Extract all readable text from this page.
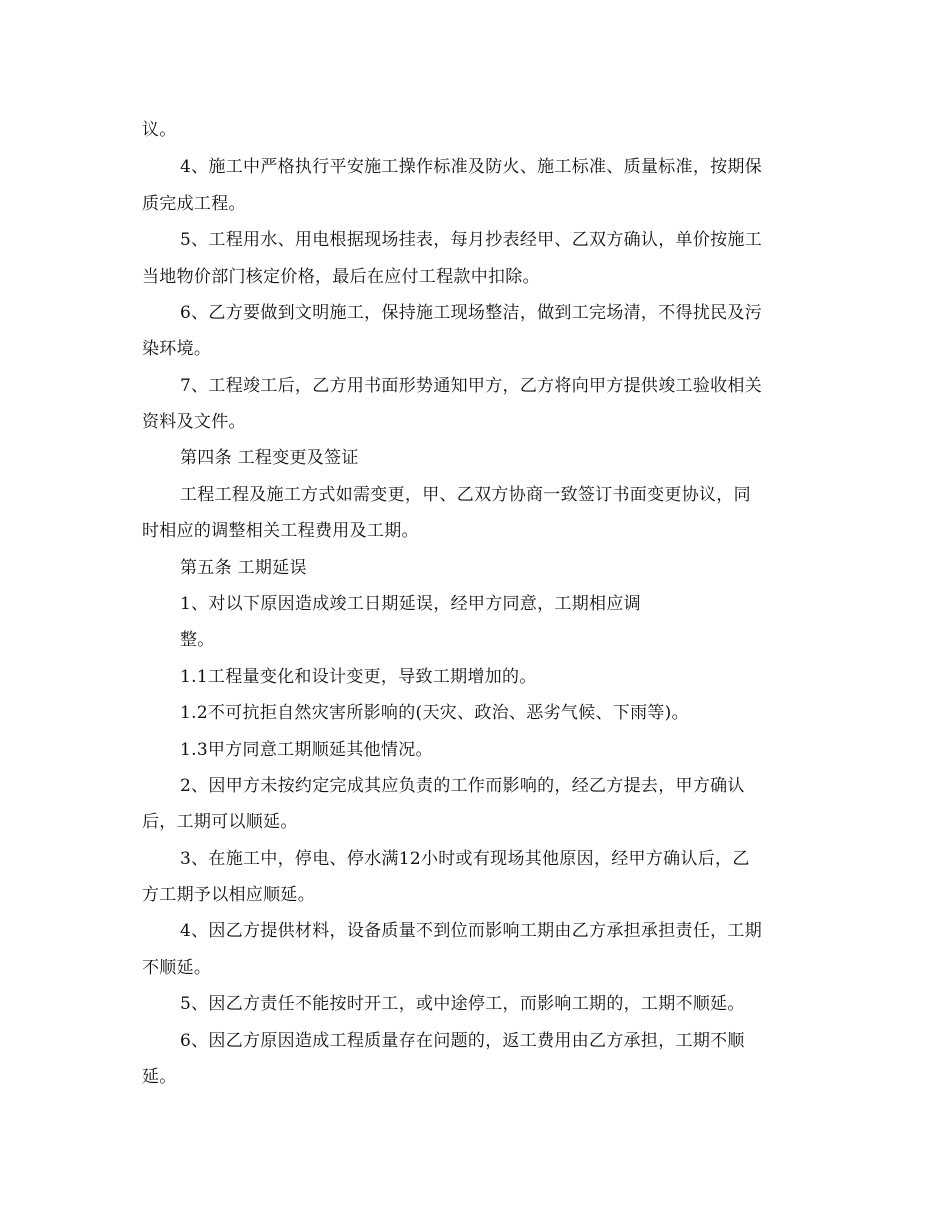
议。
4、施工中严格执行平安施工操作标准及防火、施工标准、质量标准，按期保
质完成工程。
5、工程用水、用电根据现场挂表，每月抄表经甲、乙双方确认，单价按施工
当地物价部门核定价格，最后在应付工程款中扣除。
6、乙方要做到文明施工，保持施工现场整洁，做到工完场清，不得扰民及污
染环境。
7、工程竣工后，乙方用书面形势通知甲方，乙方将向甲方提供竣工验收相关
资料及文件。
第四条 工程变更及签证
工程工程及施工方式如需变更，甲、乙双方协商一致签订书面变更协议，同
时相应的调整相关工程费用及工期。
第五条 工期延误
1、对以下原因造成竣工日期延误，经甲方同意，工期相应调
整。
1.1工程量变化和设计变更，导致工期增加的。
1.2不可抗拒自然灾害所影响的(天灾、政治、恶劣气候、下雨等)。
1.3甲方同意工期顺延其他情况。
2、因甲方未按约定完成其应负责的工作而影响的，经乙方提去，甲方确认
后，工期可以顺延。
3、在施工中，停电、停水满12小时或有现场其他原因，经甲方确认后，乙
方工期予以相应顺延。
4、因乙方提供材料，设备质量不到位而影响工期由乙方承担承担责任，工期
不顺延。
5、因乙方责任不能按时开工，或中途停工，而影响工期的，工期不顺延。
6、因乙方原因造成工程质量存在问题的，返工费用由乙方承担，工期不顺
延。
